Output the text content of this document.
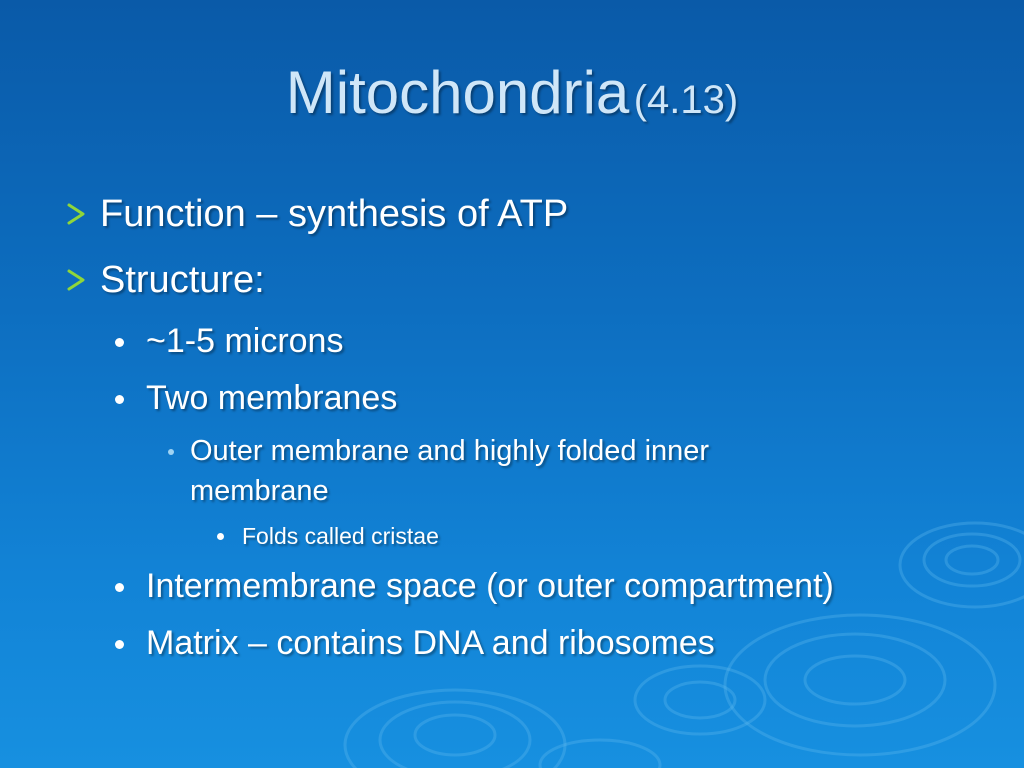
Mitochondria (4.13)
Function – synthesis of ATP
Structure:
~1-5 microns
Two membranes
Outer membrane and highly folded inner membrane
Folds called cristae
Intermembrane space (or outer compartment)
Matrix – contains DNA and ribosomes
